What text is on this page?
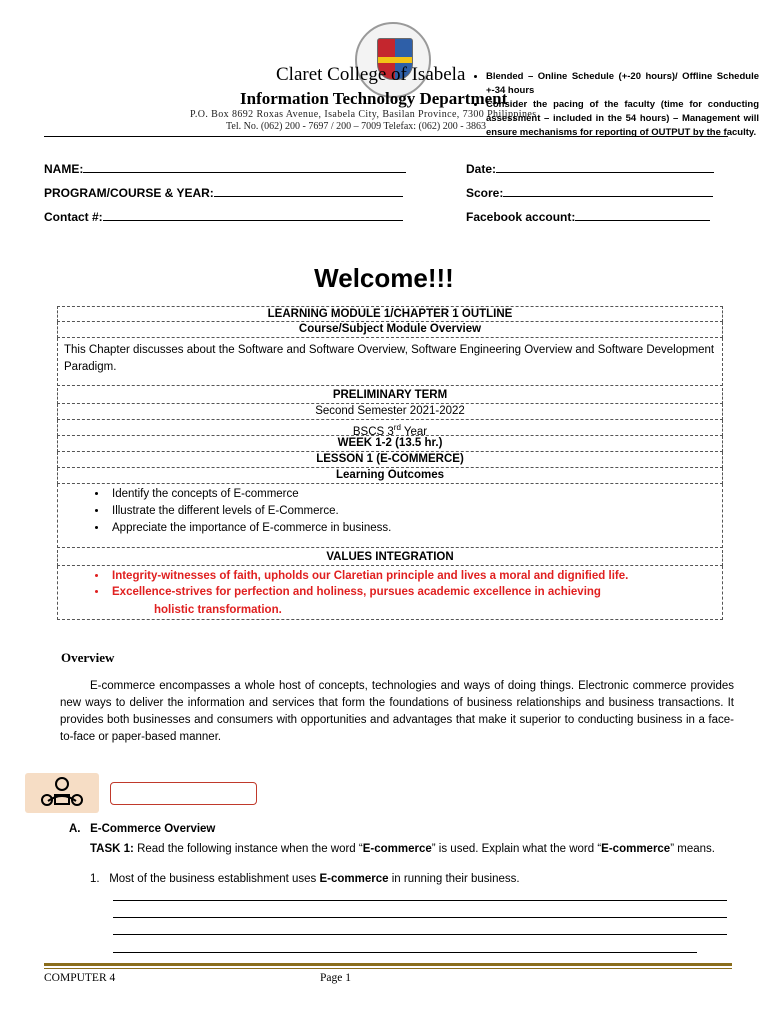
Claret College of Isabela
Information Technology Department
P.O. Box 8692 Roxas Avenue, Isabela City, Basilan Province, 7300 Philippines
Tel. No. (062) 200 - 7697 / 200 – 7009 Telefax: (062) 200 - 3863
• Blended – Online Schedule (+-20 hours)/ Offline Schedule +-34 hours
• Consider the pacing of the faculty (time for conducting assessment – included in the 54 hours) – Management will ensure mechanisms for reporting of OUTPUT by the faculty.
NAME:	Date:
PROGRAM/COURSE & YEAR:	Score:
Contact #:	Facebook account:
Welcome!!!
LEARNING MODULE 1/CHAPTER 1 OUTLINE
Course/Subject Module Overview
This Chapter discusses about the Software and Software Overview, Software Engineering Overview and Software Development Paradigm.
PRELIMINARY TERM
Second Semester 2021-2022
BSCS 3rd Year
WEEK 1-2 (13.5 hr.)
LESSON 1 (E-COMMERCE)
Learning Outcomes
• Identify the concepts of E-commerce
• Illustrate the different levels of E-Commerce.
• Appreciate the importance of E-commerce in business.
VALUES INTEGRATION
• Integrity-witnesses of faith, upholds our Claretian principle and lives a moral and dignified life.
• Excellence-strives for perfection and holiness, pursues academic excellence in achieving
holistic transformation.
Overview
E-commerce encompasses a whole host of concepts, technologies and ways of doing things. Electronic commerce provides new ways to deliver the information and services that form the foundations of business relationships and business transactions. It provides both businesses and consumers with opportunities and advantages that make it superior to conducting business in a face-to-face or paper-based manner.
A. E-Commerce Overview
TASK 1: Read the following instance when the word “E-commerce” is used. Explain what the word “E-commerce” means.
1. Most of the business establishment uses E-commerce in running their business.
COMPUTER 4	Page 1
